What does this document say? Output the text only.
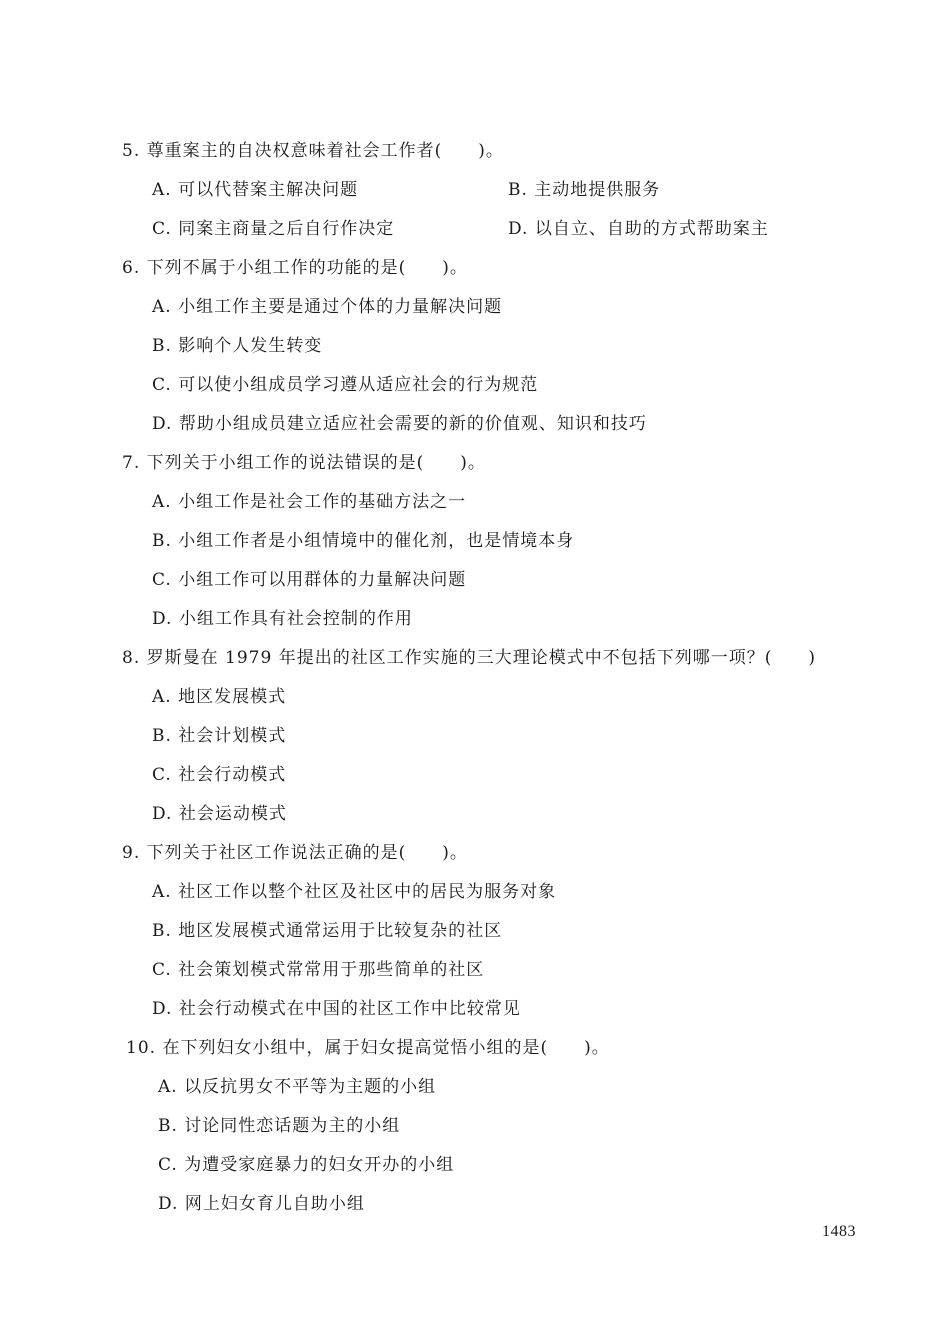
5. 尊重案主的自决权意味着社会工作者(　　)。
A. 可以代替案主解决问题	B. 主动地提供服务
C. 同案主商量之后自行作决定	D. 以自立、自助的方式帮助案主
6. 下列不属于小组工作的功能的是(　　)。
A. 小组工作主要是通过个体的力量解决问题
B. 影响个人发生转变
C. 可以使小组成员学习遵从适应社会的行为规范
D. 帮助小组成员建立适应社会需要的新的价值观、知识和技巧
7. 下列关于小组工作的说法错误的是(　　)。
A. 小组工作是社会工作的基础方法之一
B. 小组工作者是小组情境中的催化剂，也是情境本身
C. 小组工作可以用群体的力量解决问题
D. 小组工作具有社会控制的作用
8. 罗斯曼在 1979 年提出的社区工作实施的三大理论模式中不包括下列哪一项？(　　)
A. 地区发展模式
B. 社会计划模式
C. 社会行动模式
D. 社会运动模式
9. 下列关于社区工作说法正确的是(　　)。
A. 社区工作以整个社区及社区中的居民为服务对象
B. 地区发展模式通常运用于比较复杂的社区
C. 社会策划模式常常用于那些简单的社区
D. 社会行动模式在中国的社区工作中比较常见
10. 在下列妇女小组中，属于妇女提高觉悟小组的是(　　)。
A. 以反抗男女不平等为主题的小组
B. 讨论同性恋话题为主的小组
C. 为遭受家庭暴力的妇女开办的小组
D. 网上妇女育儿自助小组
1483
